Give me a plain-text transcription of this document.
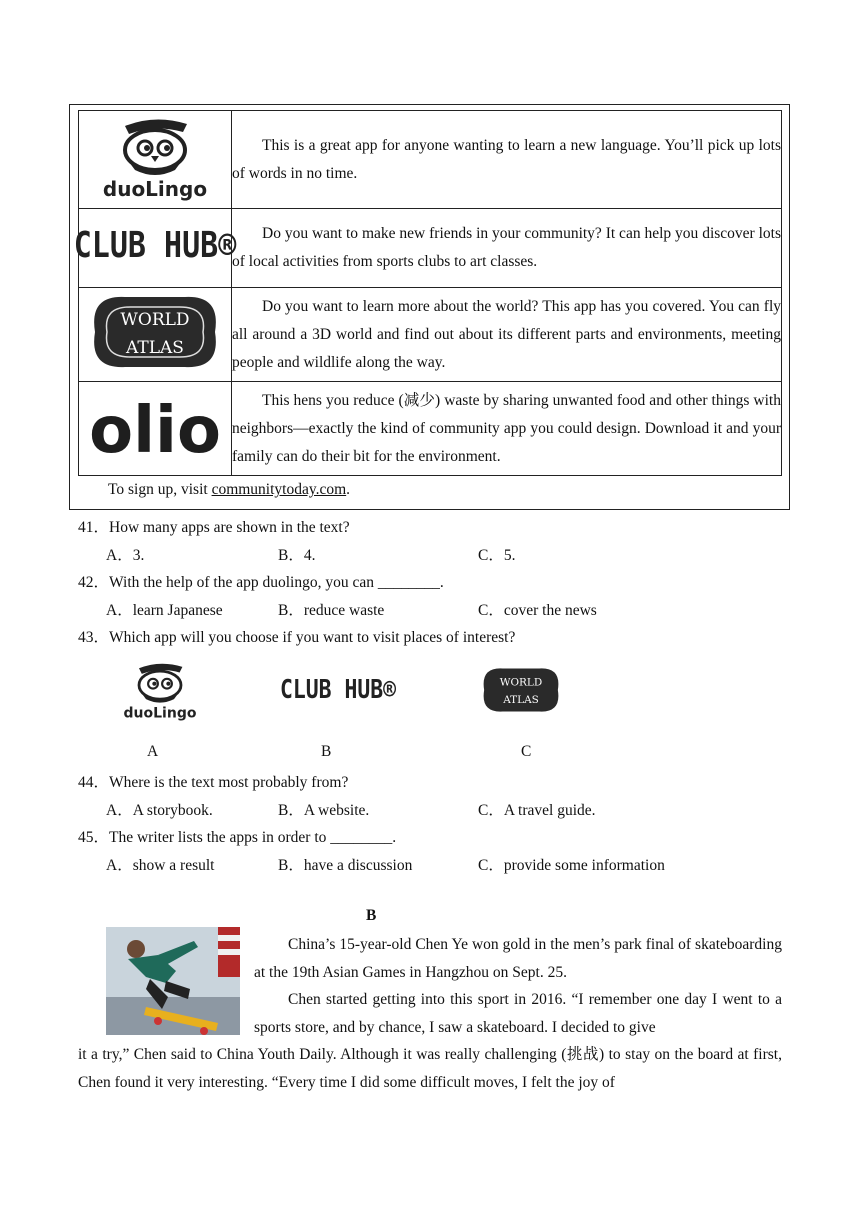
duoLingo	This is a great app for anyone wanting to learn a new language. You’ll pick up lots of words in no time.

CLUB HUB®	Do you want to make new friends in your community? It can help you discover lots of local activities from sports clubs to art classes.

WORLD
ATLAS	Do you want to learn more about the world? This app has you covered. You can fly all around a 3D world and find out about its different parts and environments, meeting people and wildlife along the way.

olio	This hens you reduce (减少) waste by sharing unwanted food and other things with neighbors—exactly the kind of community app you could design. Download it and your family can do their bit for the environment.
To sign up, visit communitytoday.com.
41．How many apps are shown in the text?
A．3.	B．4.	C．5.
42．With the help of the app duolingo, you can ________.
A．learn Japanese	B．reduce waste	C．cover the news
43．Which app will you choose if you want to visit places of interest?
duoLingo
CLUB HUB®	WORLD
ATLAS
A	B	C
44．Where is the text most probably from?
A．A storybook.	B．A website.	C．A travel guide.
45．The writer lists the apps in order to ________.
A．show a result	B．have a discussion	C．provide some information
B
China’s 15-year-old Chen Ye won gold in the men’s park final of skateboarding at the 19th Asian Games in Hangzhou on Sept. 25.
Chen started getting into this sport in 2016. “I remember one day I went to a sports store, and by chance, I saw a skateboard. I decided to give
it a try,” Chen said to China Youth Daily. Although it was really challenging (挑战) to stay on the board at first, Chen found it very interesting. “Every time I did some difficult moves, I felt the joy of
